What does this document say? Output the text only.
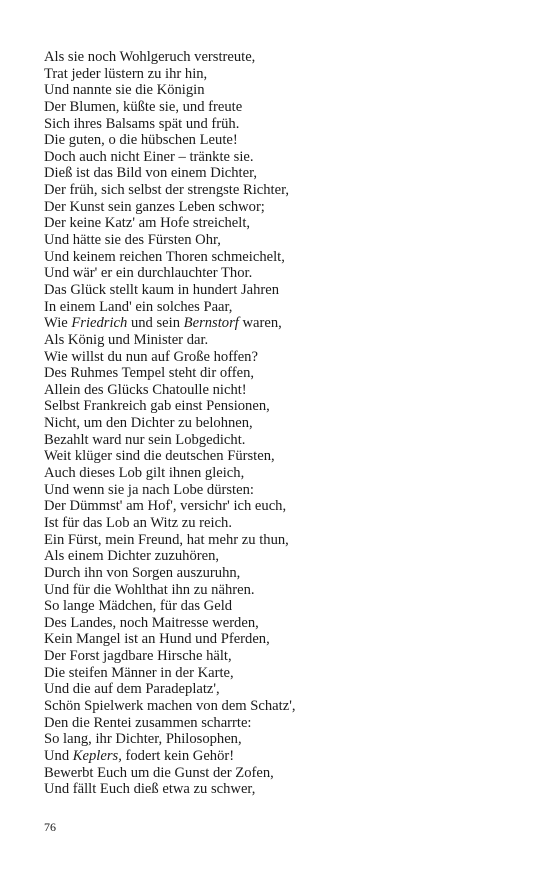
Als sie noch Wohlgeruch verstreute,
Trat jeder lüstern zu ihr hin,
Und nannte sie die Königin
Der Blumen, küßte sie, und freute
Sich ihres Balsams spät und früh.
Die guten, o die hübschen Leute!
Doch auch nicht Einer – tränkte sie.
Dieß ist das Bild von einem Dichter,
Der früh, sich selbst der strengste Richter,
Der Kunst sein ganzes Leben schwor;
Der keine Katz' am Hofe streichelt,
Und hätte sie des Fürsten Ohr,
Und keinem reichen Thoren schmeichelt,
Und wär' er ein durchlauchter Thor.
Das Glück stellt kaum in hundert Jahren
In einem Land' ein solches Paar,
Wie Friedrich und sein Bernstorf waren,
Als König und Minister dar.
Wie willst du nun auf Große hoffen?
Des Ruhmes Tempel steht dir offen,
Allein des Glücks Chatoulle nicht!
Selbst Frankreich gab einst Pensionen,
Nicht, um den Dichter zu belohnen,
Bezahlt ward nur sein Lobgedicht.
Weit klüger sind die deutschen Fürsten,
Auch dieses Lob gilt ihnen gleich,
Und wenn sie ja nach Lobe dürsten:
Der Dümmst' am Hof', versichr' ich euch,
Ist für das Lob an Witz zu reich.
Ein Fürst, mein Freund, hat mehr zu thun,
Als einem Dichter zuzuhören,
Durch ihn von Sorgen auszuruhn,
Und für die Wohlthat ihn zu nähren.
So lange Mädchen, für das Geld
Des Landes, noch Maitresse werden,
Kein Mangel ist an Hund und Pferden,
Der Forst jagdbare Hirsche hält,
Die steifen Männer in der Karte,
Und die auf dem Paradeplatz',
Schön Spielwerk machen von dem Schatz',
Den die Rentei zusammen scharrte:
So lang, ihr Dichter, Philosophen,
Und Keplers, fodert kein Gehör!
Bewerbt Euch um die Gunst der Zofen,
Und fällt Euch dieß etwa zu schwer,
76
